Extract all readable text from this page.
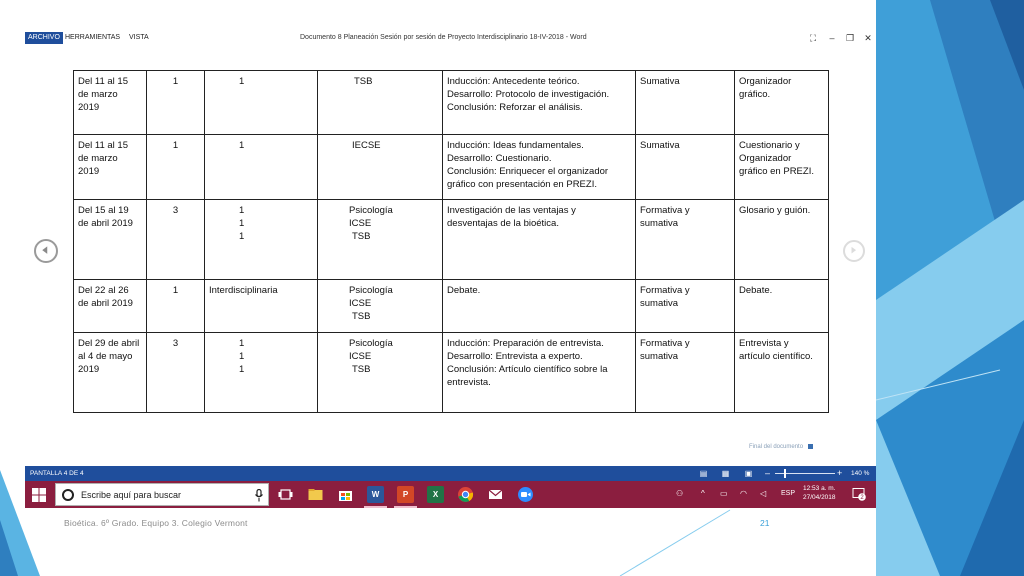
ARCHIVO HERRAMIENTAS VISTA	Documento 8 Planeación Sesión por sesión de Proyecto Interdisciplinario 18-IV-2018 - Word	⛶	–	❐	✕
Del 11 al 15
de marzo
2019	1	1	TSB	Inducción: Antecedente teórico.
Desarrollo: Protocolo de investigación.
Conclusión: Reforzar el análisis.	Sumativa	Organizador
gráfico.

Del 11 al 15
de marzo
2019	1	1	IECSE	Inducción: Ideas fundamentales.
Desarrollo: Cuestionario.
Conclusión: Enriquecer el organizador
gráfico con presentación en PREZI.	Sumativa	Cuestionario y
Organizador
gráfico en PREZI.

Del 15 al 19
de abril 2019	3	1
1
1	Psicología
ICSE
TSB	Investigación de las ventajas y
desventajas de la bioética.	Formativa y
sumativa	Glosario y guión.

Del 22 al 26
de abril 2019	1	Interdisciplinaria	Psicología
ICSE
TSB	Debate.	Formativa y
sumativa	Debate.

Del 29 de abril
al 4 de mayo
2019	3	1
1
1	Psicología
ICSE
TSB	Inducción: Preparación de entrevista.
Desarrollo: Entrevista a experto.
Conclusión: Artículo científico sobre la
entrevista.	Formativa y
sumativa	Entrevista y
artículo científico.
Final del documento
PANTALLA 4 DE 4	▤ ▦ ▣ –	+ 140 %
Escribe aquí para buscar	W	P	X	⚇ ^ ▭ ◠ ◁ ESP
12:53 a. m.
27/04/2018	2
Bioética. 6º Grado. Equipo 3. Colegio Vermont	21
